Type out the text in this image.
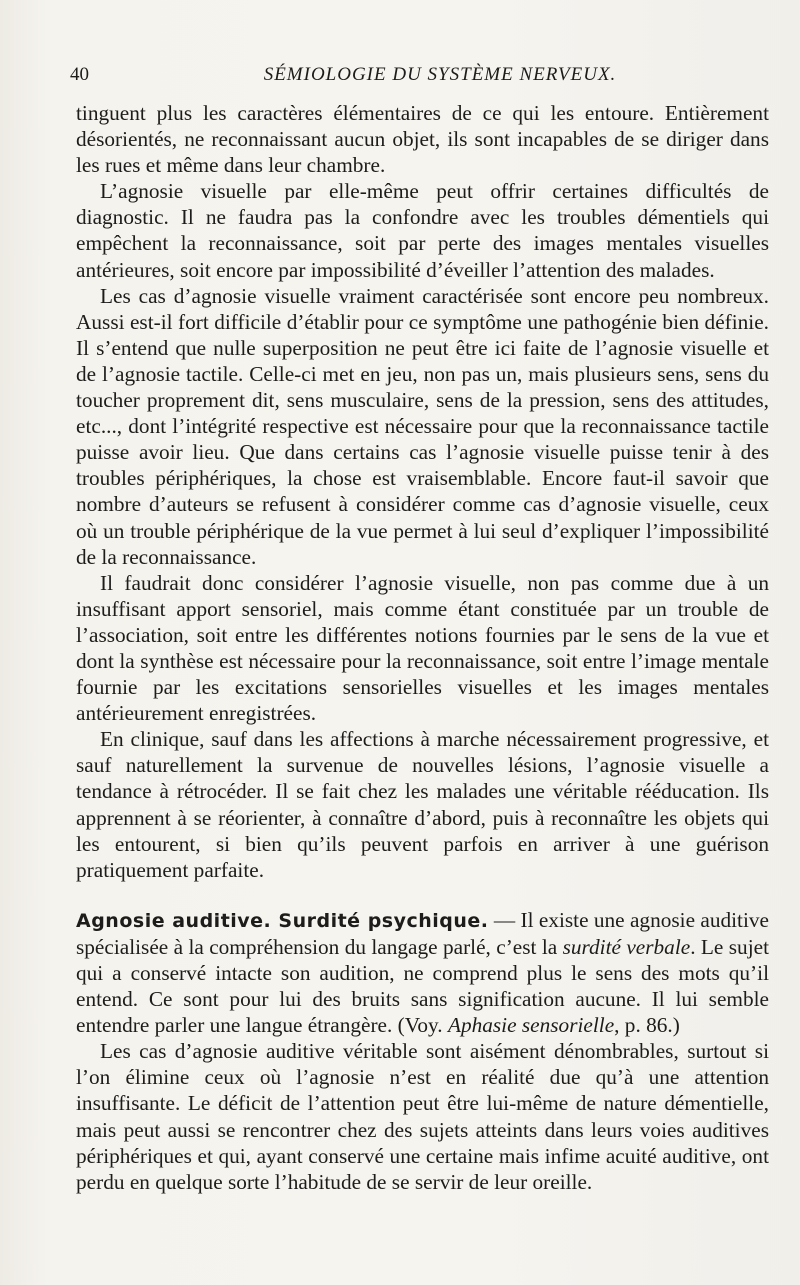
40	SÉMIOLOGIE DU SYSTÈME NERVEUX.

tinguent plus les caractères élémentaires de ce qui les entoure. Entièrement désorientés, ne reconnaissant aucun objet, ils sont incapables de se diriger dans les rues et même dans leur chambre.

L’agnosie visuelle par elle-même peut offrir certaines difficultés de diagnostic. Il ne faudra pas la confondre avec les troubles démentiels qui empêchent la reconnaissance, soit par perte des images mentales visuelles antérieures, soit encore par impossibilité d’éveiller l’attention des malades.

Les cas d’agnosie visuelle vraiment caractérisée sont encore peu nombreux. Aussi est-il fort difficile d’établir pour ce symptôme une pathogénie bien définie. Il s’entend que nulle superposition ne peut être ici faite de l’agnosie visuelle et de l’agnosie tactile. Celle-ci met en jeu, non pas un, mais plusieurs sens, sens du toucher proprement dit, sens musculaire, sens de la pression, sens des attitudes, etc..., dont l’intégrité respective est nécessaire pour que la reconnaissance tactile puisse avoir lieu. Que dans certains cas l’agnosie visuelle puisse tenir à des troubles périphériques, la chose est vraisemblable. Encore faut-il savoir que nombre d’auteurs se refusent à considérer comme cas d’agnosie visuelle, ceux où un trouble périphérique de la vue permet à lui seul d’expliquer l’impossibilité de la reconnaissance.

Il faudrait donc considérer l’agnosie visuelle, non pas comme due à un insuffisant apport sensoriel, mais comme étant constituée par un trouble de l’association, soit entre les différentes notions fournies par le sens de la vue et dont la synthèse est nécessaire pour la reconnaissance, soit entre l’image mentale fournie par les excitations sensorielles visuelles et les images mentales antérieurement enregistrées.

En clinique, sauf dans les affections à marche nécessairement progressive, et sauf naturellement la survenue de nouvelles lésions, l’agnosie visuelle a tendance à rétrocéder. Il se fait chez les malades une véritable rééducation. Ils apprennent à se réorienter, à connaître d’abord, puis à reconnaître les objets qui les entourent, si bien qu’ils peuvent parfois en arriver à une guérison pratiquement parfaite.

Agnosie auditive. Surdité psychique. — Il existe une agnosie auditive spécialisée à la compréhension du langage parlé, c’est la surdité verbale. Le sujet qui a conservé intacte son audition, ne comprend plus le sens des mots qu’il entend. Ce sont pour lui des bruits sans signification aucune. Il lui semble entendre parler une langue étrangère. (Voy. Aphasie sensorielle, p. 86.)

Les cas d’agnosie auditive véritable sont aisément dénombrables, surtout si l’on élimine ceux où l’agnosie n’est en réalité due qu’à une attention insuffisante. Le déficit de l’attention peut être lui-même de nature démentielle, mais peut aussi se rencontrer chez des sujets atteints dans leurs voies auditives périphériques et qui, ayant conservé une certaine mais infime acuité auditive, ont perdu en quelque sorte l’habitude de se servir de leur oreille.
